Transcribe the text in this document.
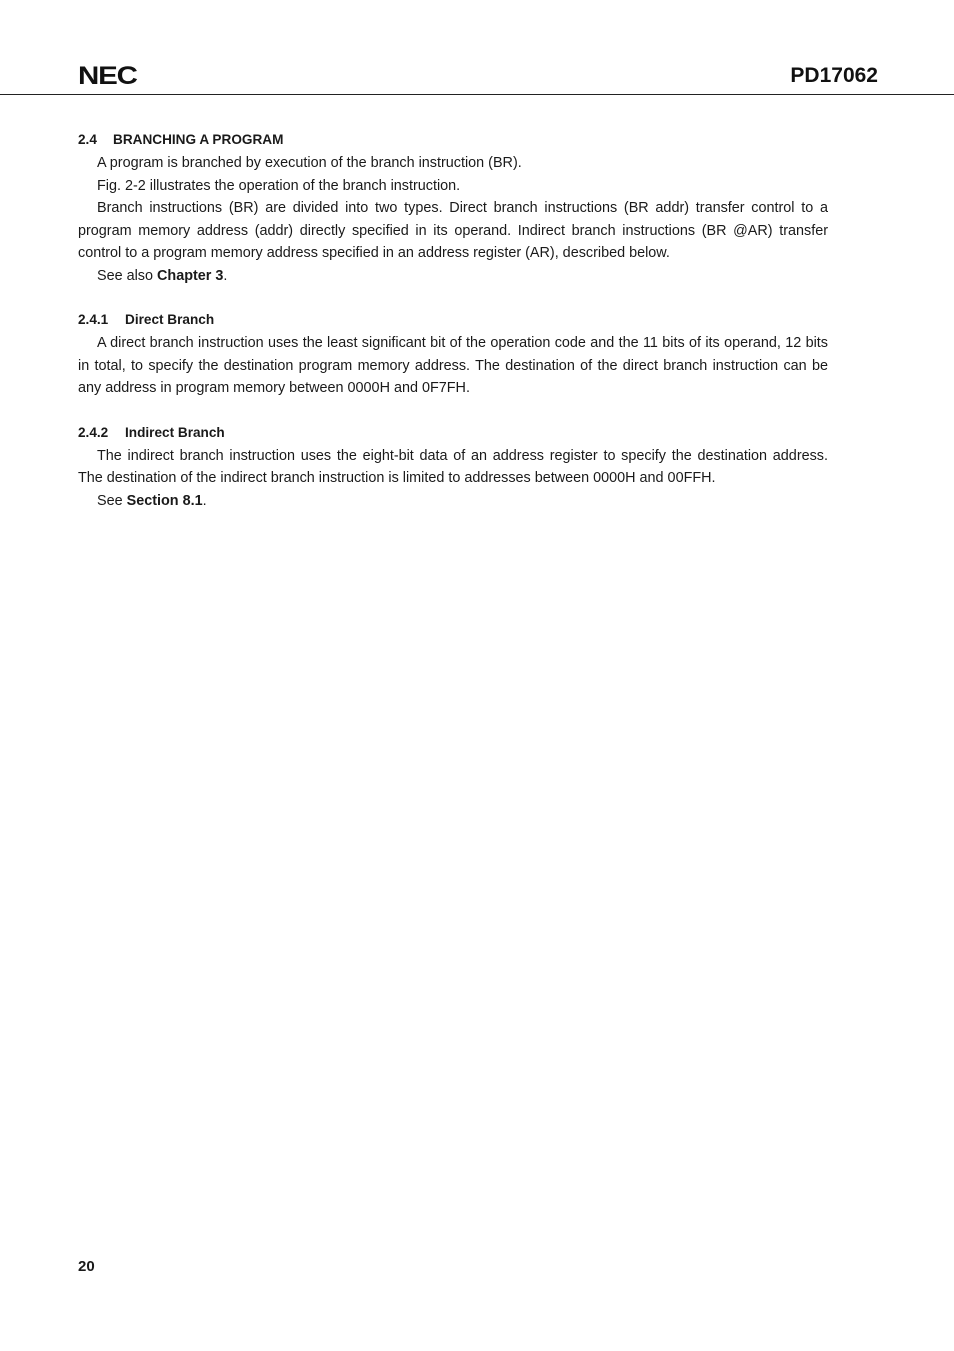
NEC	PD17062
2.4 BRANCHING A PROGRAM

A program is branched by execution of the branch instruction (BR).

Fig. 2-2 illustrates the operation of the branch instruction.

Branch instructions (BR) are divided into two types. Direct branch instructions (BR addr) transfer control to a program memory address (addr) directly specified in its operand. Indirect branch instructions (BR @AR) transfer control to a program memory address specified in an address register (AR), described below.

See also Chapter 3.

2.4.1 Direct Branch

A direct branch instruction uses the least significant bit of the operation code and the 11 bits of its operand, 12 bits in total, to specify the destination program memory address. The destination of the direct branch instruction can be any address in program memory between 0000H and 0F7FH.

2.4.2 Indirect Branch

The indirect branch instruction uses the eight-bit data of an address register to specify the destination address. The destination of the indirect branch instruction is limited to addresses between 0000H and 00FFH.

See Section 8.1.

20
